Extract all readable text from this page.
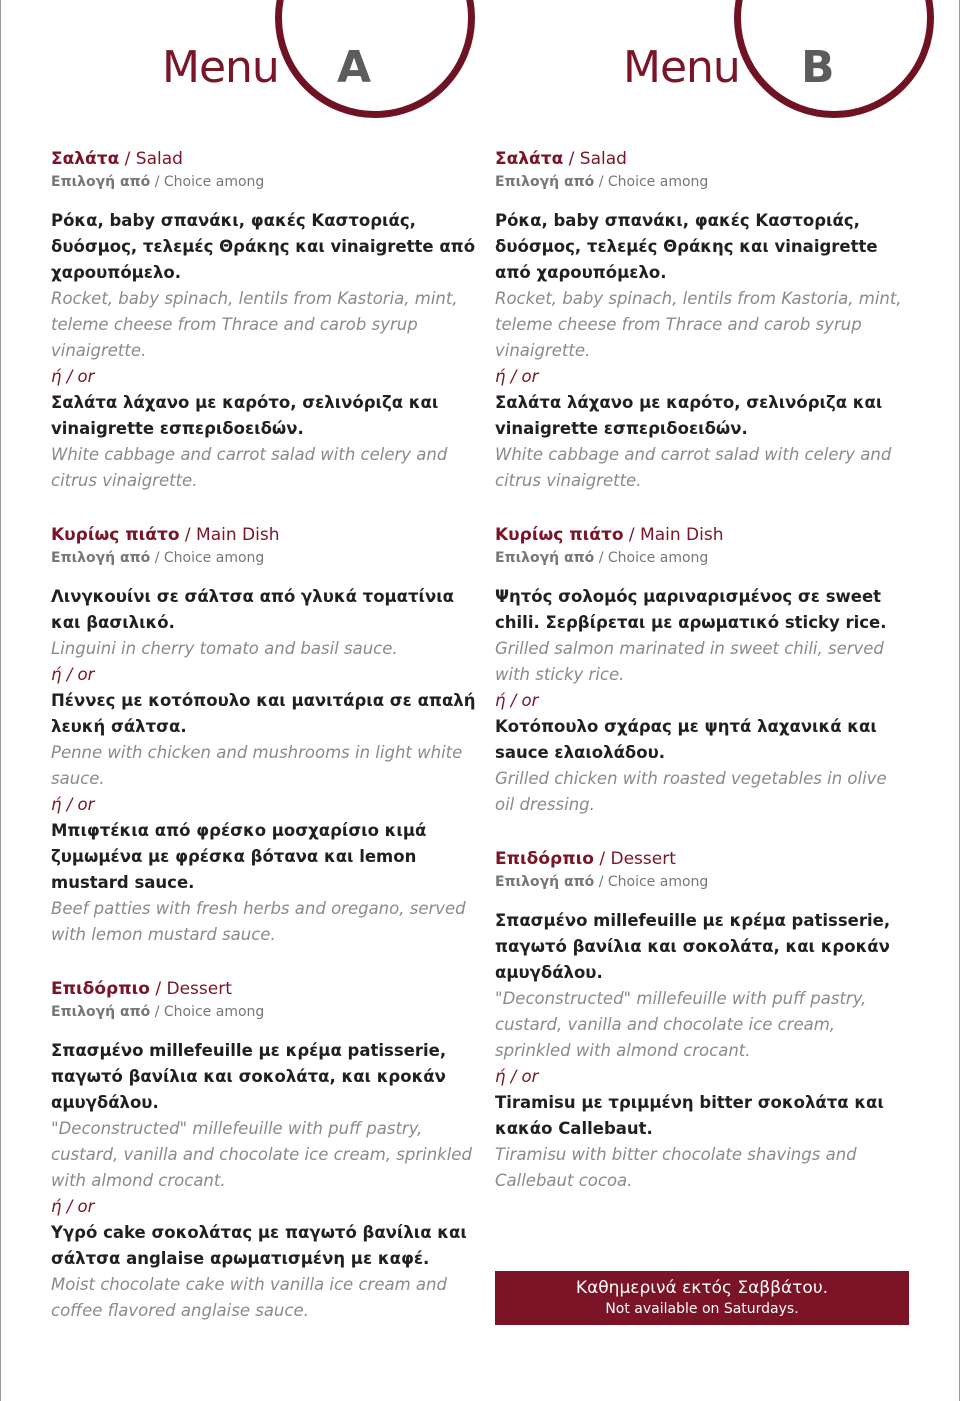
Menu A	Menu B
Σαλάτα / Salad
Επιλογή από / Choice among
Ρόκα, baby σπανάκι, φακές Καστοριάς, δυόσμος, τελεμές Θράκης και vinaigrette από χαρουπόμελο.
Rocket, baby spinach, lentils from Kastoria, mint, teleme cheese from Thrace and carob syrup vinaigrette.
ή / or
Σαλάτα λάχανο με καρότο, σελινόριζα και vinaigrette εσπεριδοειδών.
White cabbage and carrot salad with celery and citrus vinaigrette.
Κυρίως πιάτο / Main Dish
Επιλογή από / Choice among
Λινγκουίνι σε σάλτσα από γλυκά τοματίνια και βασιλικό.
Linguini in cherry tomato and basil sauce.
ή / or
Πέννες με κοτόπουλο και μανιτάρια σε απαλή λευκή σάλτσα.
Penne with chicken and mushrooms in light white sauce.
ή / or
Μπιφτέκια από φρέσκο μοσχαρίσιο κιμά ζυμωμένα με φρέσκα βότανα και lemon mustard sauce.
Beef patties with fresh herbs and oregano, served with lemon mustard sauce.
Επιδόρπιο / Dessert
Επιλογή από / Choice among
Σπασμένο millefeuille με κρέμα patisserie, παγωτό βανίλια και σοκολάτα, και κροκάν αμυγδάλου.
"Deconstructed" millefeuille with puff pastry, custard, vanilla and chocolate ice cream, sprinkled with almond crocant.
ή / or
Υγρό cake σοκολάτας με παγωτό βανίλια και σάλτσα anglaise αρωματισμένη με καφέ.
Moist chocolate cake with vanilla ice cream and coffee flavored anglaise sauce.
Σαλάτα / Salad
Επιλογή από / Choice among
Ρόκα, baby σπανάκι, φακές Καστοριάς, δυόσμος, τελεμές Θράκης και vinaigrette από χαρουπόμελο.
Rocket, baby spinach, lentils from Kastoria, mint, teleme cheese from Thrace and carob syrup vinaigrette.
ή / or
Σαλάτα λάχανο με καρότο, σελινόριζα και vinaigrette εσπεριδοειδών.
White cabbage and carrot salad with celery and citrus vinaigrette.
Κυρίως πιάτο / Main Dish
Επιλογή από / Choice among
Ψητός σολομός μαριναρισμένος σε sweet chili. Σερβίρεται με αρωματικό sticky rice.
Grilled salmon marinated in sweet chili, served with sticky rice.
ή / or
Κοτόπουλο σχάρας με ψητά λαχανικά και sauce ελαιολάδου.
Grilled chicken with roasted vegetables in olive oil dressing.
Επιδόρπιο / Dessert
Επιλογή από / Choice among
Σπασμένο millefeuille με κρέμα patisserie, παγωτό βανίλια και σοκολάτα, και κροκάν αμυγδάλου.
"Deconstructed" millefeuille with puff pastry, custard, vanilla and chocolate ice cream, sprinkled with almond crocant.
ή / or
Tiramisu με τριμμένη bitter σοκολάτα και κακάο Callebaut.
Tiramisu with bitter chocolate shavings and Callebaut cocoa.
Καθημερινά εκτός Σαββάτου.
Not available on Saturdays.
